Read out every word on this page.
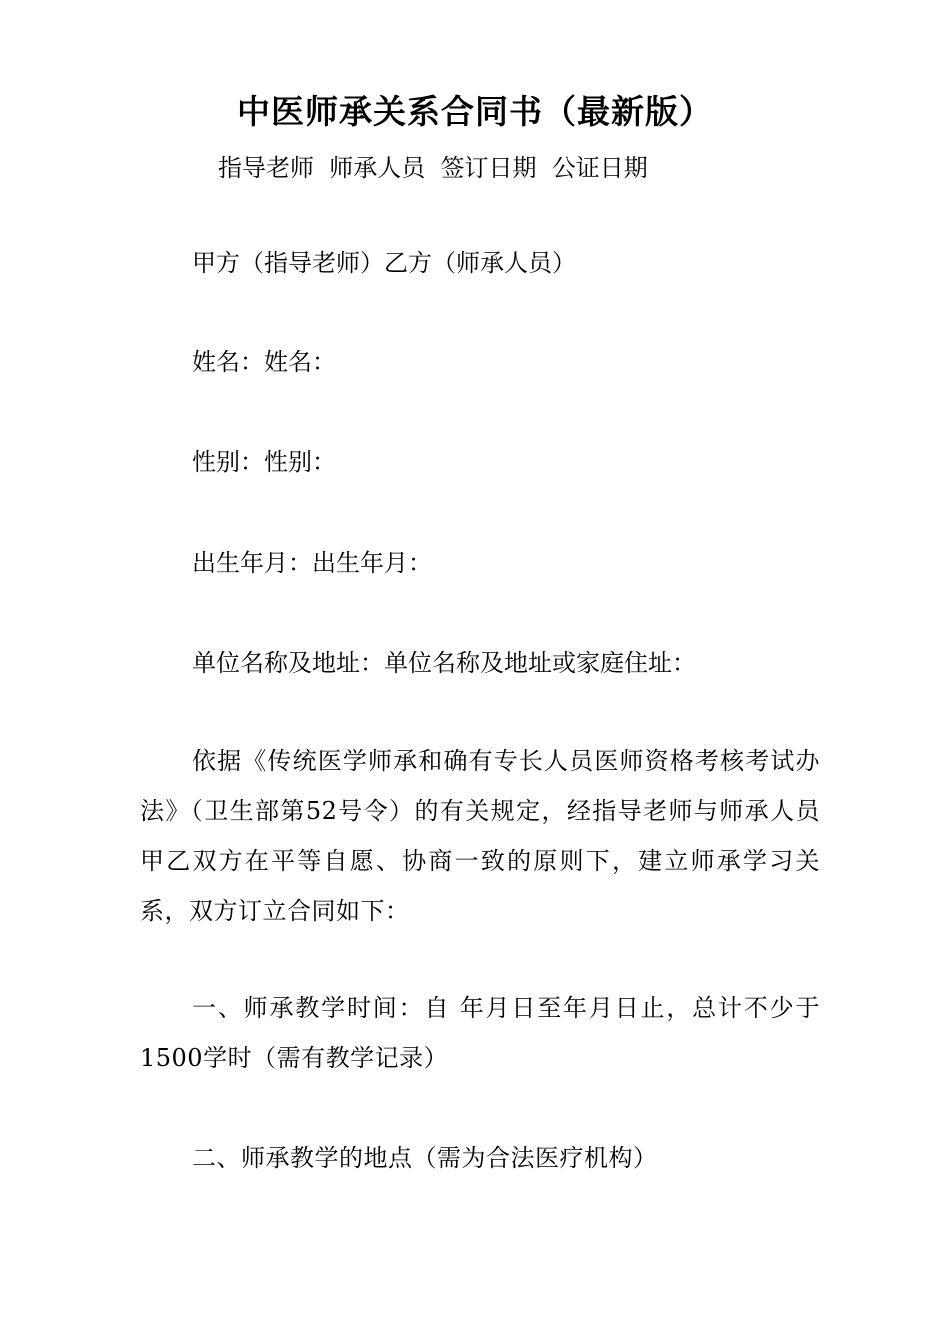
中医师承关系合同书（最新版）
指导老师  师承人员  签订日期  公证日期
甲方（指导老师）乙方（师承人员）
姓名：姓名：
性别：性别：
出生年月：出生年月：
单位名称及地址：单位名称及地址或家庭住址：
依据《传统医学师承和确有专长人员医师资格考核考试办法》（卫生部第52号令）的有关规定，经指导老师与师承人员甲乙双方在平等自愿、协商一致的原则下，建立师承学习关系，双方订立合同如下：
一、师承教学时间：自 年月日至年月日止，总计不少于1500学时（需有教学记录）
二、师承教学的地点（需为合法医疗机构）
